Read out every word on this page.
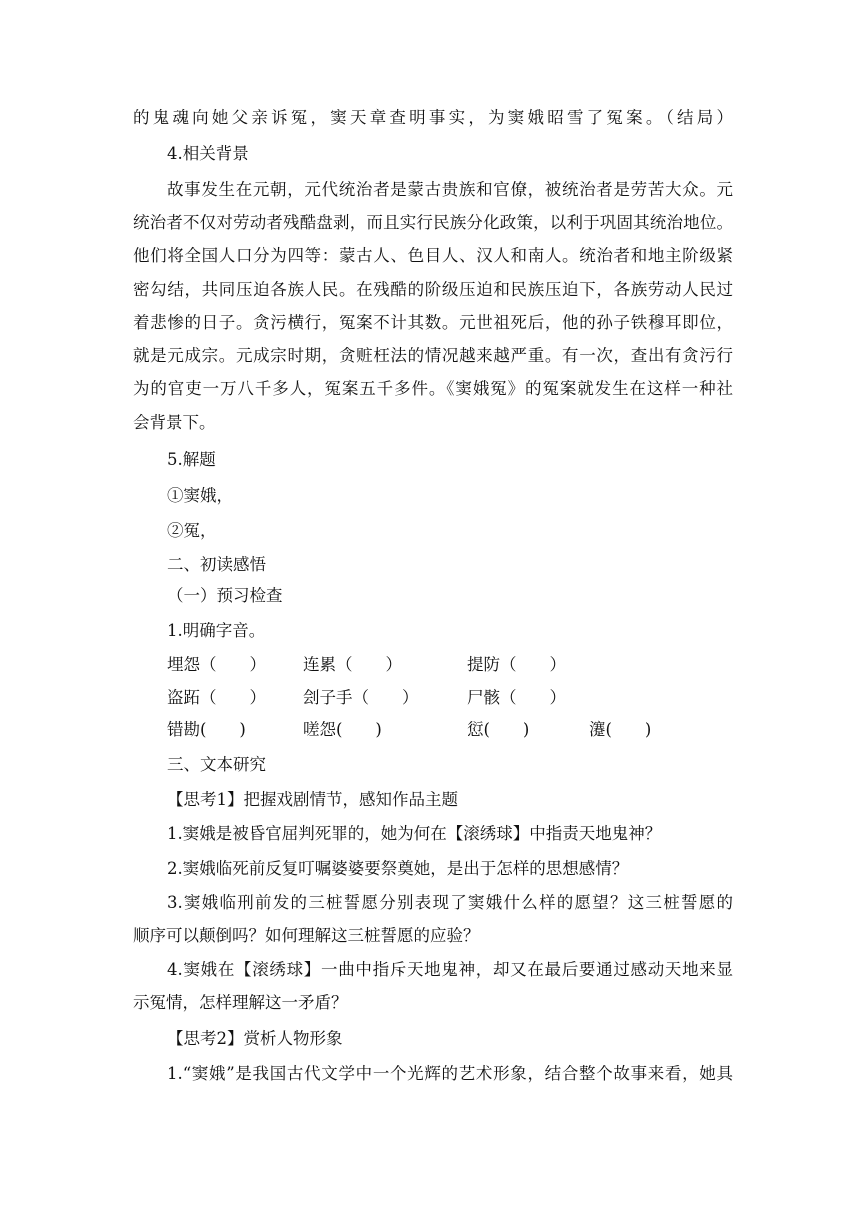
的鬼魂向她父亲诉冤，窦天章查明事实，为窦娥昭雪了冤案。（结局）
4.相关背景
故事发生在元朝，元代统治者是蒙古贵族和官僚，被统治者是劳苦大众。元
统治者不仅对劳动者残酷盘剥，而且实行民族分化政策，以利于巩固其统治地位。
他们将全国人口分为四等：蒙古人、色目人、汉人和南人。统治者和地主阶级紧
密勾结，共同压迫各族人民。在残酷的阶级压迫和民族压迫下，各族劳动人民过
着悲惨的日子。贪污横行，冤案不计其数。元世祖死后，他的孙子铁穆耳即位，
就是元成宗。元成宗时期，贪赃枉法的情况越来越严重。有一次，查出有贪污行
为的官吏一万八千多人，冤案五千多件。《窦娥冤》的冤案就发生在这样一种社
会背景下。
5.解题
①窦娥，
②冤，
二、初读感悟
（一）预习检查
1.明确字音。
埋怨（　　） 连累（　　）	提防（　　）
盗跖（　　） 刽子手（　　）	尸骸（　　）
错勘(　　)	嗟怨(　　)	愆(　　)	瀽(　　)
三、文本研究
【思考1】把握戏剧情节，感知作品主题
1.窦娥是被昏官屈判死罪的，她为何在【滚绣球】中指责天地鬼神？
2.窦娥临死前反复叮嘱婆婆要祭奠她，是出于怎样的思想感情？
3.窦娥临刑前发的三桩誓愿分别表现了窦娥什么样的愿望？这三桩誓愿的
顺序可以颠倒吗？如何理解这三桩誓愿的应验？
4.窦娥在【滚绣球】一曲中指斥天地鬼神，却又在最后要通过感动天地来显
示冤情，怎样理解这一矛盾？
【思考2】赏析人物形象
1.“窦娥”是我国古代文学中一个光辉的艺术形象，结合整个故事来看，她具
